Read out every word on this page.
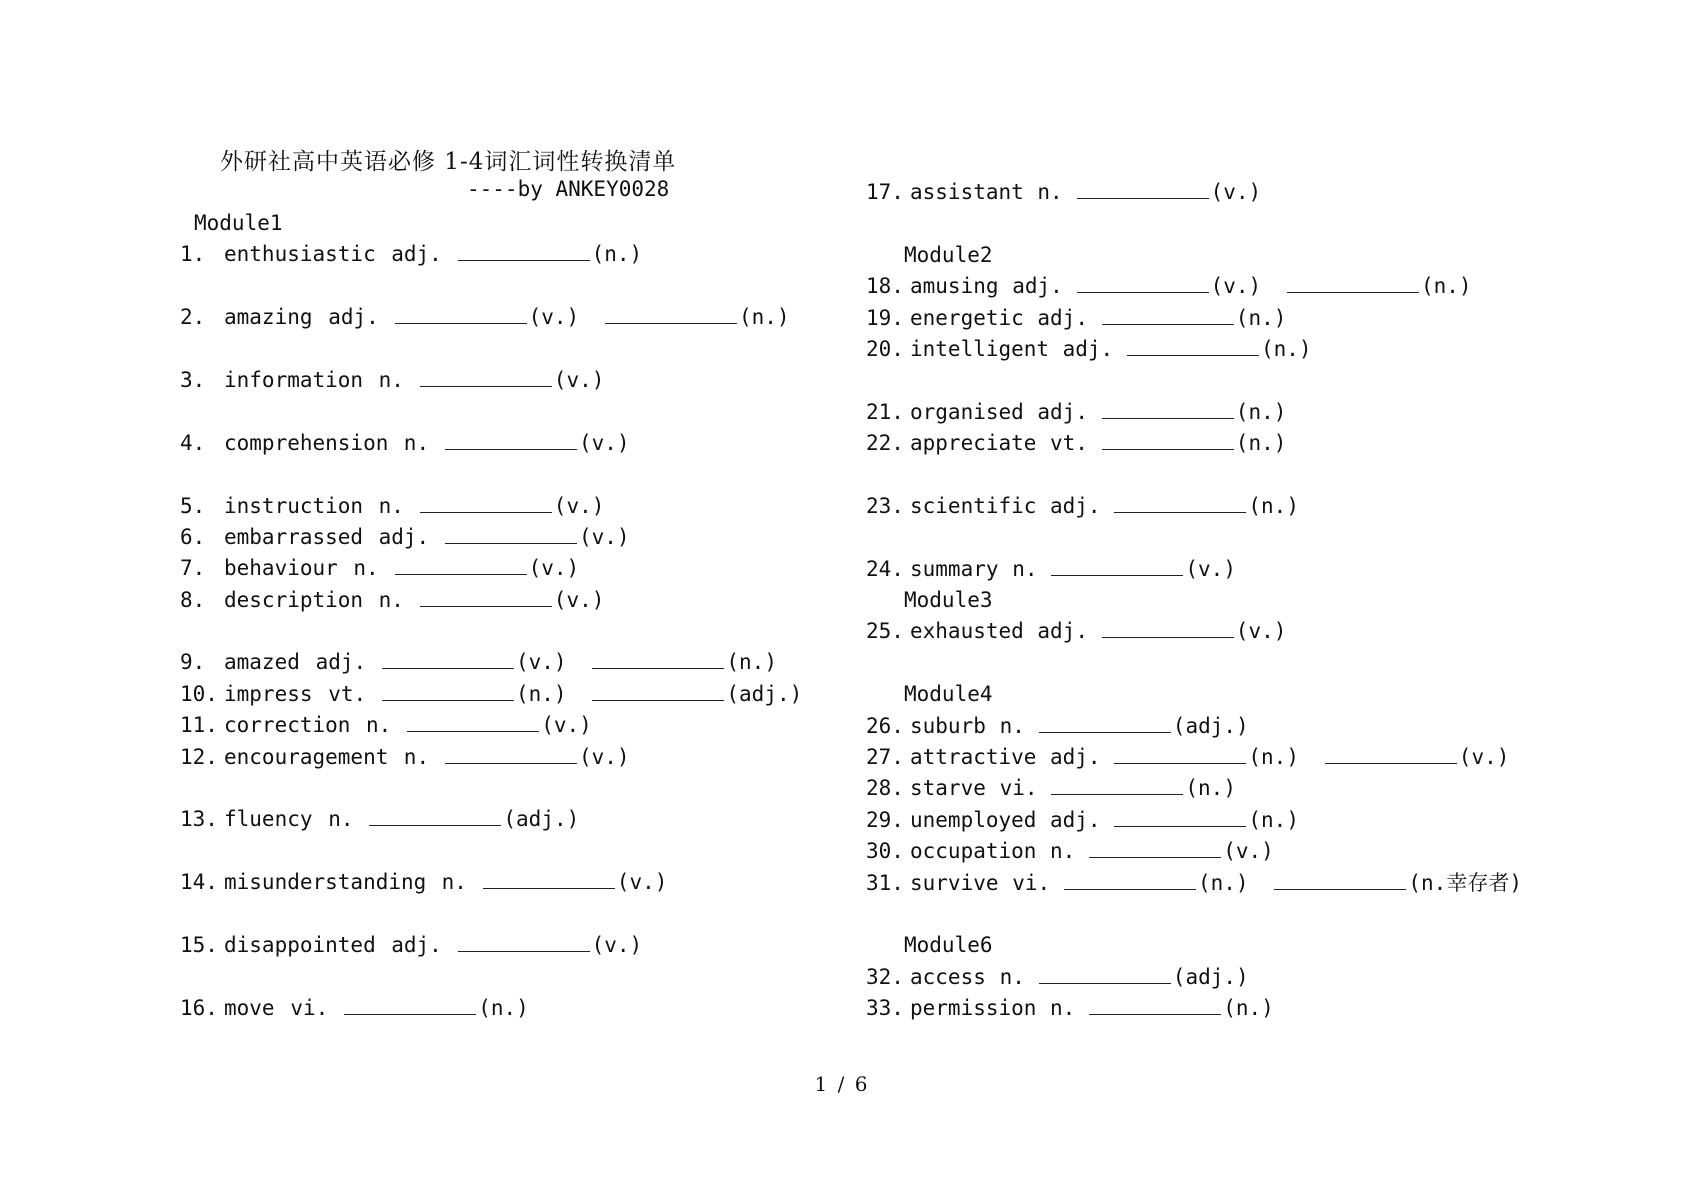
外研社高中英语必修 1-4词汇词性转换清单
----by ANKEY0028
Module1
1. enthusiastic adj.	(n.)
2. amazing adj.	(v.)	(n.)
3. information n.	(v.)
4. comprehension n.	(v.)
5. instruction n.	(v.)
6. embarrassed adj.	(v.)
7. behaviour n.	(v.)
8. description n.	(v.)
9. amazed adj.	(v.)	(n.)
10. impress vt.	(n.)	(adj.)
11. correction n.	(v.)
12. encouragement n.	(v.)
13. fluency n.	(adj.)
14. misunderstanding n.	(v.)
15. disappointed adj.	(v.)
16. move vi.	(n.)
17. assistant n.	(v.)
Module2
18. amusing adj.	(v.)	(n.)
19. energetic adj.	(n.)
20. intelligent adj.	(n.)
21. organised adj.	(n.)
22. appreciate vt.	(n.)
23. scientific adj.	(n.)
24. summary n.	(v.)
Module3
25. exhausted adj.	(v.)
Module4
26. suburb n.	(adj.)
27. attractive adj.	(n.)	(v.)
28. starve vi.	(n.)
29. unemployed adj.	(n.)
30. occupation n.	(v.)
31. survive vi.	(n.)	(n.幸存者)
Module6
32. access n.	(adj.)
33. permission n.	(n.)
1 / 6
